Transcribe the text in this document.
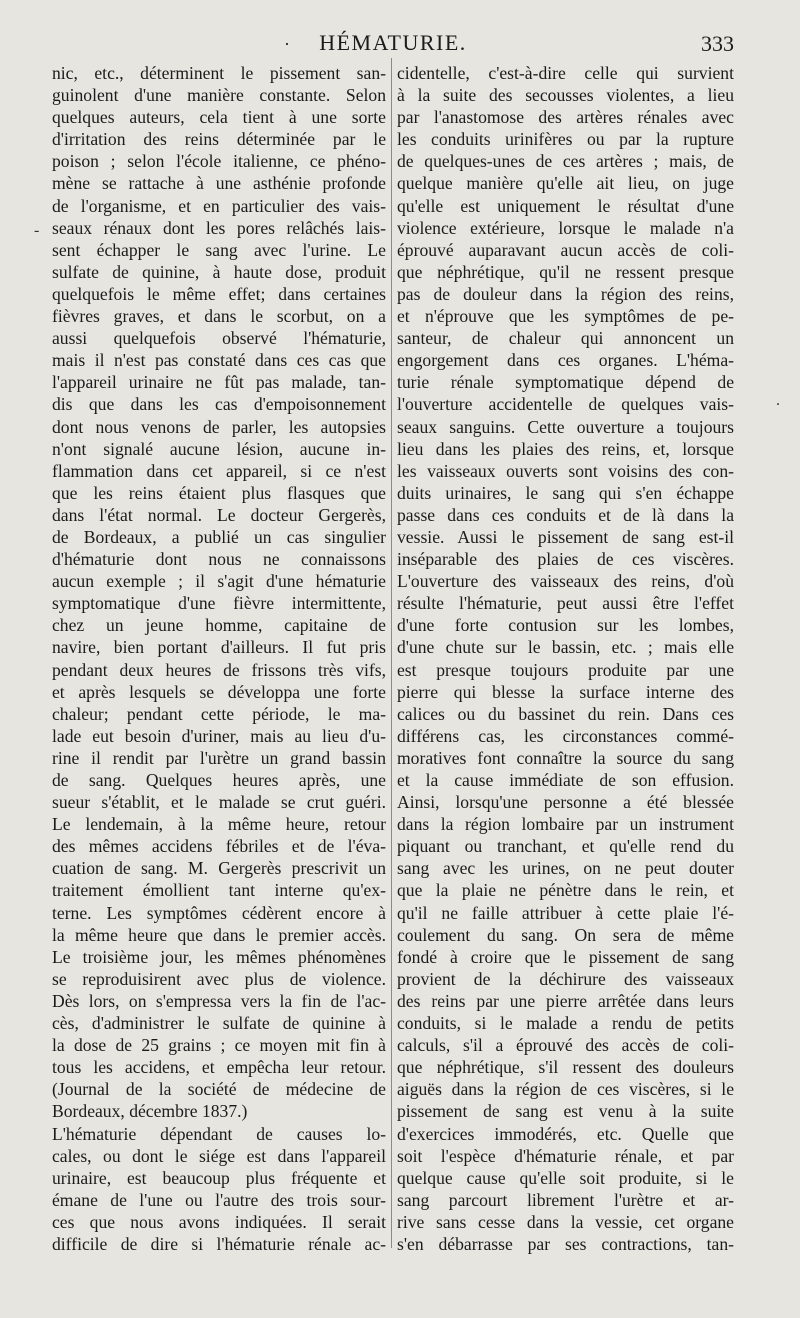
·	HÉMATURIE.	333
nic, etc., déterminent le pissement san-
guinolent d'une manière constante. Selon
quelques auteurs, cela tient à une sorte
d'irritation des reins déterminée par le
poison ; selon l'école italienne, ce phéno-
mène se rattache à une asthénie profonde
de l'organisme, et en particulier des vais-
seaux rénaux dont les pores relâchés lais-
sent échapper le sang avec l'urine. Le
sulfate de quinine, à haute dose, produit
quelquefois le même effet; dans certaines
fièvres graves, et dans le scorbut, on a
aussi quelquefois observé l'hématurie,
mais il n'est pas constaté dans ces cas que
l'appareil urinaire ne fût pas malade, tan-
dis que dans les cas d'empoisonnement
dont nous venons de parler, les autopsies
n'ont signalé aucune lésion, aucune in-
flammation dans cet appareil, si ce n'est
que les reins étaient plus flasques que
dans l'état normal. Le docteur Gergerès,
de Bordeaux, a publié un cas singulier
d'hématurie dont nous ne connaissons
aucun exemple ; il s'agit d'une hématurie
symptomatique d'une fièvre intermittente,
chez un jeune homme, capitaine de
navire, bien portant d'ailleurs. Il fut pris
pendant deux heures de frissons très vifs,
et après lesquels se développa une forte
chaleur; pendant cette période, le ma-
lade eut besoin d'uriner, mais au lieu d'u-
rine il rendit par l'urètre un grand bassin
de sang. Quelques heures après, une
sueur s'établit, et le malade se crut guéri.
Le lendemain, à la même heure, retour
des mêmes accidens fébriles et de l'éva-
cuation de sang. M. Gergerès prescrivit un
traitement émollient tant interne qu'ex-
terne. Les symptômes cédèrent encore à
la même heure que dans le premier accès.
Le troisième jour, les mêmes phénomènes
se reproduisirent avec plus de violence.
Dès lors, on s'empressa vers la fin de l'ac-
cès, d'administrer le sulfate de quinine à
la dose de 25 grains ; ce moyen mit fin à
tous les accidens, et empêcha leur retour.
(Journal de la société de médecine de
Bordeaux, décembre 1837.)
L'hématurie dépendant de causes lo-
cales, ou dont le siége est dans l'appareil
urinaire, est beaucoup plus fréquente et
émane de l'une ou l'autre des trois sour-
ces que nous avons indiquées. Il serait
difficile de dire si l'hématurie rénale ac-
cidentelle, c'est-à-dire celle qui survient
à la suite des secousses violentes, a lieu
par l'anastomose des artères rénales avec
les conduits urinifères ou par la rupture
de quelques-unes de ces artères ; mais, de
quelque manière qu'elle ait lieu, on juge
qu'elle est uniquement le résultat d'une
violence extérieure, lorsque le malade n'a
éprouvé auparavant aucun accès de coli-
que néphrétique, qu'il ne ressent presque
pas de douleur dans la région des reins,
et n'éprouve que les symptômes de pe-
santeur, de chaleur qui annoncent un
engorgement dans ces organes. L'héma-
turie rénale symptomatique dépend de
l'ouverture accidentelle de quelques vais-
seaux sanguins. Cette ouverture a toujours
lieu dans les plaies des reins, et, lorsque
les vaisseaux ouverts sont voisins des con-
duits urinaires, le sang qui s'en échappe
passe dans ces conduits et de là dans la
vessie. Aussi le pissement de sang est-il
inséparable des plaies de ces viscères.
L'ouverture des vaisseaux des reins, d'où
résulte l'hématurie, peut aussi être l'effet
d'une forte contusion sur les lombes,
d'une chute sur le bassin, etc. ; mais elle
est presque toujours produite par une
pierre qui blesse la surface interne des
calices ou du bassinet du rein. Dans ces
différens cas, les circonstances commé-
moratives font connaître la source du sang
et la cause immédiate de son effusion.
Ainsi, lorsqu'une personne a été blessée
dans la région lombaire par un instrument
piquant ou tranchant, et qu'elle rend du
sang avec les urines, on ne peut douter
que la plaie ne pénètre dans le rein, et
qu'il ne faille attribuer à cette plaie l'é-
coulement du sang. On sera de même
fondé à croire que le pissement de sang
provient de la déchirure des vaisseaux
des reins par une pierre arrêtée dans leurs
conduits, si le malade a rendu de petits
calculs, s'il a éprouvé des accès de coli-
que néphrétique, s'il ressent des douleurs
aiguës dans la région de ces viscères, si le
pissement de sang est venu à la suite
d'exercices immodérés, etc. Quelle que
soit l'espèce d'hématurie rénale, et par
quelque cause qu'elle soit produite, si le
sang parcourt librement l'urètre et ar-
rive sans cesse dans la vessie, cet organe
s'en débarrasse par ses contractions, tan-
-
.
